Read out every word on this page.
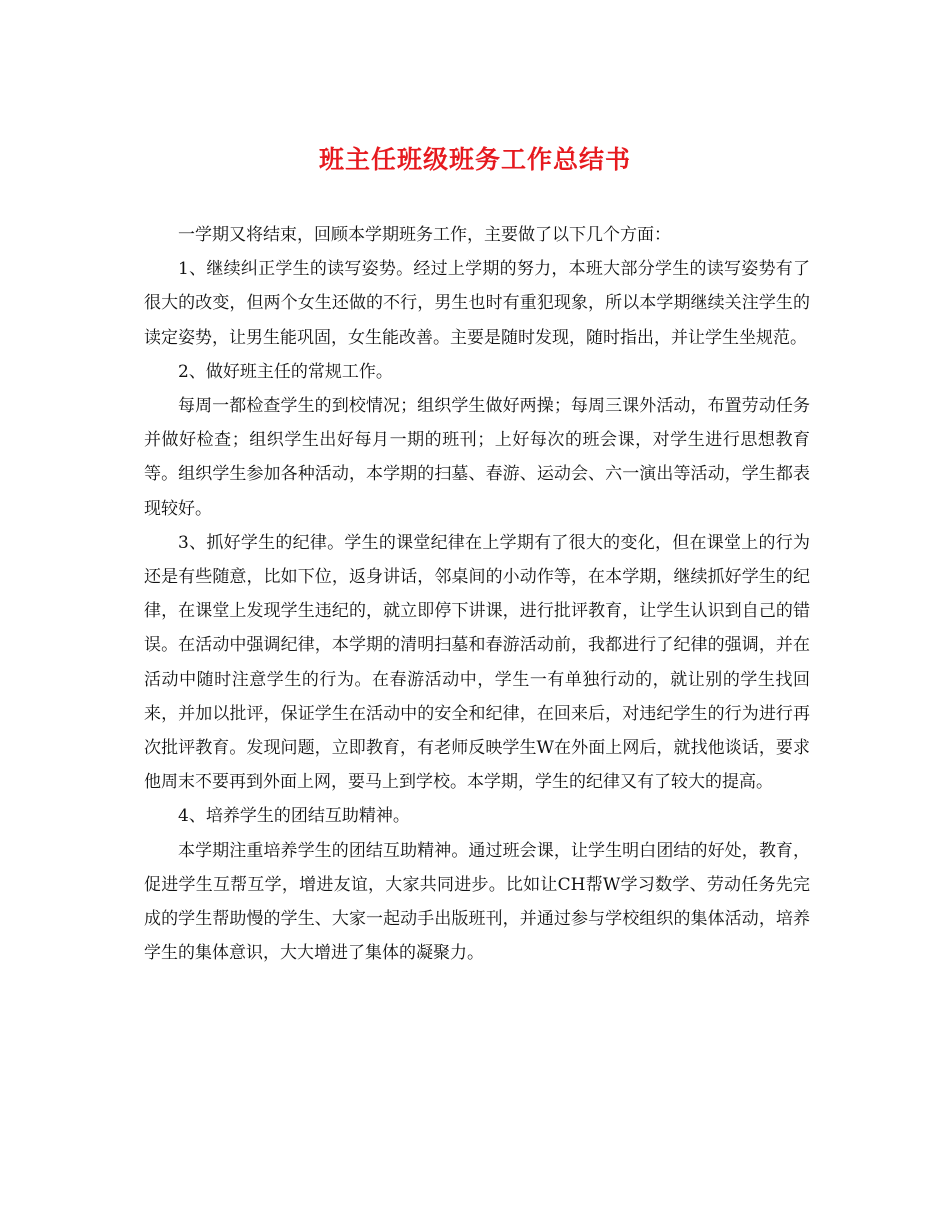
班主任班级班务工作总结书

一学期又将结束，回顾本学期班务工作，主要做了以下几个方面：

1、继续纠正学生的读写姿势。经过上学期的努力，本班大部分学生的读写姿势有了很大的改变，但两个女生还做的不行，男生也时有重犯现象，所以本学期继续关注学生的读定姿势，让男生能巩固，女生能改善。主要是随时发现，随时指出，并让学生坐规范。

2、做好班主任的常规工作。

每周一都检查学生的到校情况；组织学生做好两操；每周三课外活动，布置劳动任务并做好检查；组织学生出好每月一期的班刊；上好每次的班会课，对学生进行思想教育等。组织学生参加各种活动，本学期的扫墓、春游、运动会、六一演出等活动，学生都表现较好。

3、抓好学生的纪律。学生的课堂纪律在上学期有了很大的变化，但在课堂上的行为还是有些随意，比如下位，返身讲话，邻桌间的小动作等，在本学期，继续抓好学生的纪律，在课堂上发现学生违纪的，就立即停下讲课，进行批评教育，让学生认识到自己的错误。在活动中强调纪律，本学期的清明扫墓和春游活动前，我都进行了纪律的强调，并在活动中随时注意学生的行为。在春游活动中，学生一有单独行动的，就让别的学生找回来，并加以批评，保证学生在活动中的安全和纪律，在回来后，对违纪学生的行为进行再次批评教育。发现问题，立即教育，有老师反映学生W在外面上网后，就找他谈话，要求他周末不要再到外面上网，要马上到学校。本学期，学生的纪律又有了较大的提高。

4、培养学生的团结互助精神。

本学期注重培养学生的团结互助精神。通过班会课，让学生明白团结的好处，教育，促进学生互帮互学，增进友谊，大家共同进步。比如让CH帮W学习数学、劳动任务先完成的学生帮助慢的学生、大家一起动手出版班刊，并通过参与学校组织的集体活动，培养学生的集体意识，大大增进了集体的凝聚力。
